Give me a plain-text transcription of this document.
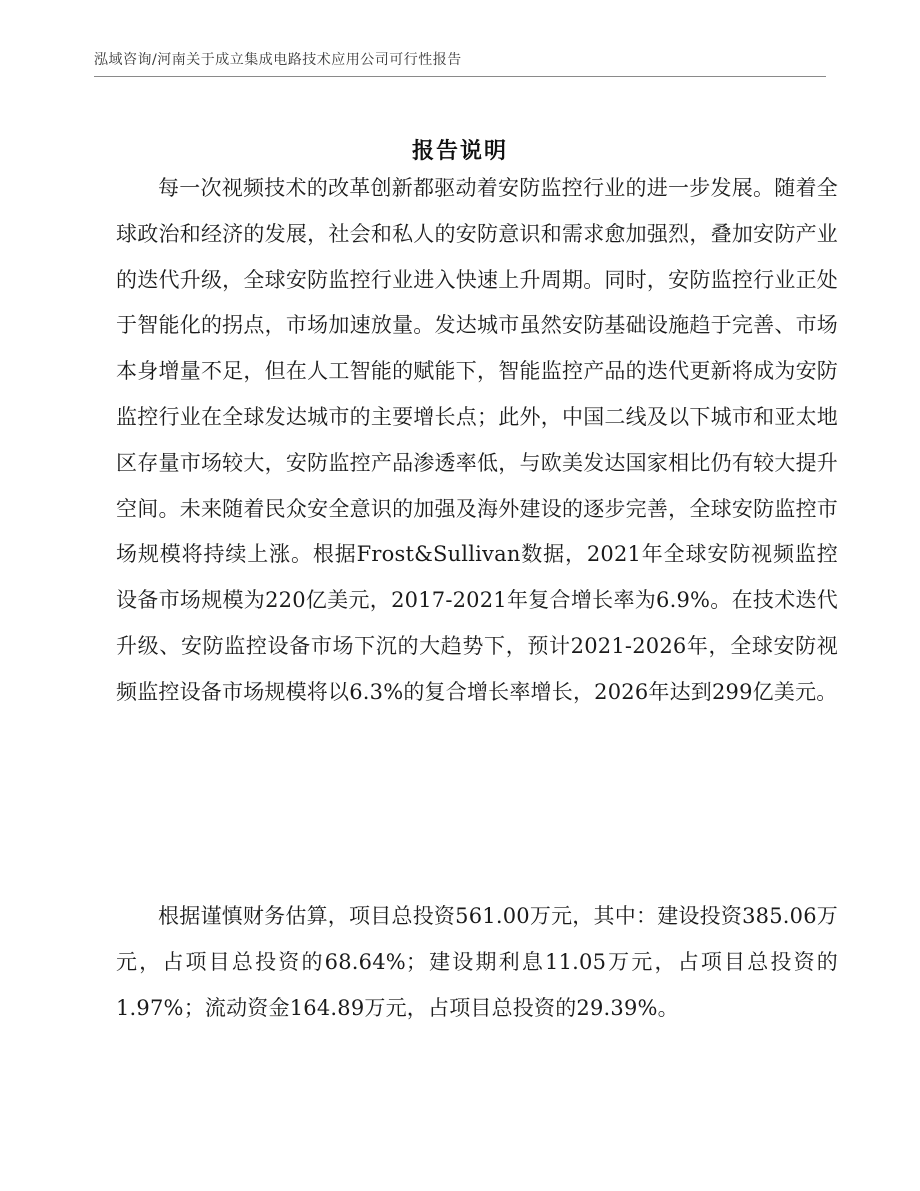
泓域咨询/河南关于成立集成电路技术应用公司可行性报告
报告说明

每一次视频技术的改革创新都驱动着安防监控行业的进一步发展。随着全球政治和经济的发展，社会和私人的安防意识和需求愈加强烈，叠加安防产业的迭代升级，全球安防监控行业进入快速上升周期。同时，安防监控行业正处于智能化的拐点，市场加速放量。发达城市虽然安防基础设施趋于完善、市场本身增量不足，但在人工智能的赋能下，智能监控产品的迭代更新将成为安防监控行业在全球发达城市的主要增长点；此外，中国二线及以下城市和亚太地区存量市场较大，安防监控产品渗透率低，与欧美发达国家相比仍有较大提升空间。未来随着民众安全意识的加强及海外建设的逐步完善，全球安防监控市场规模将持续上涨。根据Frost&Sullivan数据，2021年全球安防视频监控设备市场规模为220亿美元，2017-2021年复合增长率为6.9%。在技术迭代升级、安防监控设备市场下沉的大趋势下，预计2021-2026年，全球安防视频监控设备市场规模将以6.3%的复合增长率增长，2026年达到299亿美元。

根据谨慎财务估算，项目总投资561.00万元，其中：建设投资385.06万元，占项目总投资的68.64%；建设期利息11.05万元，占项目总投资的1.97%；流动资金164.89万元，占项目总投资的29.39%。
